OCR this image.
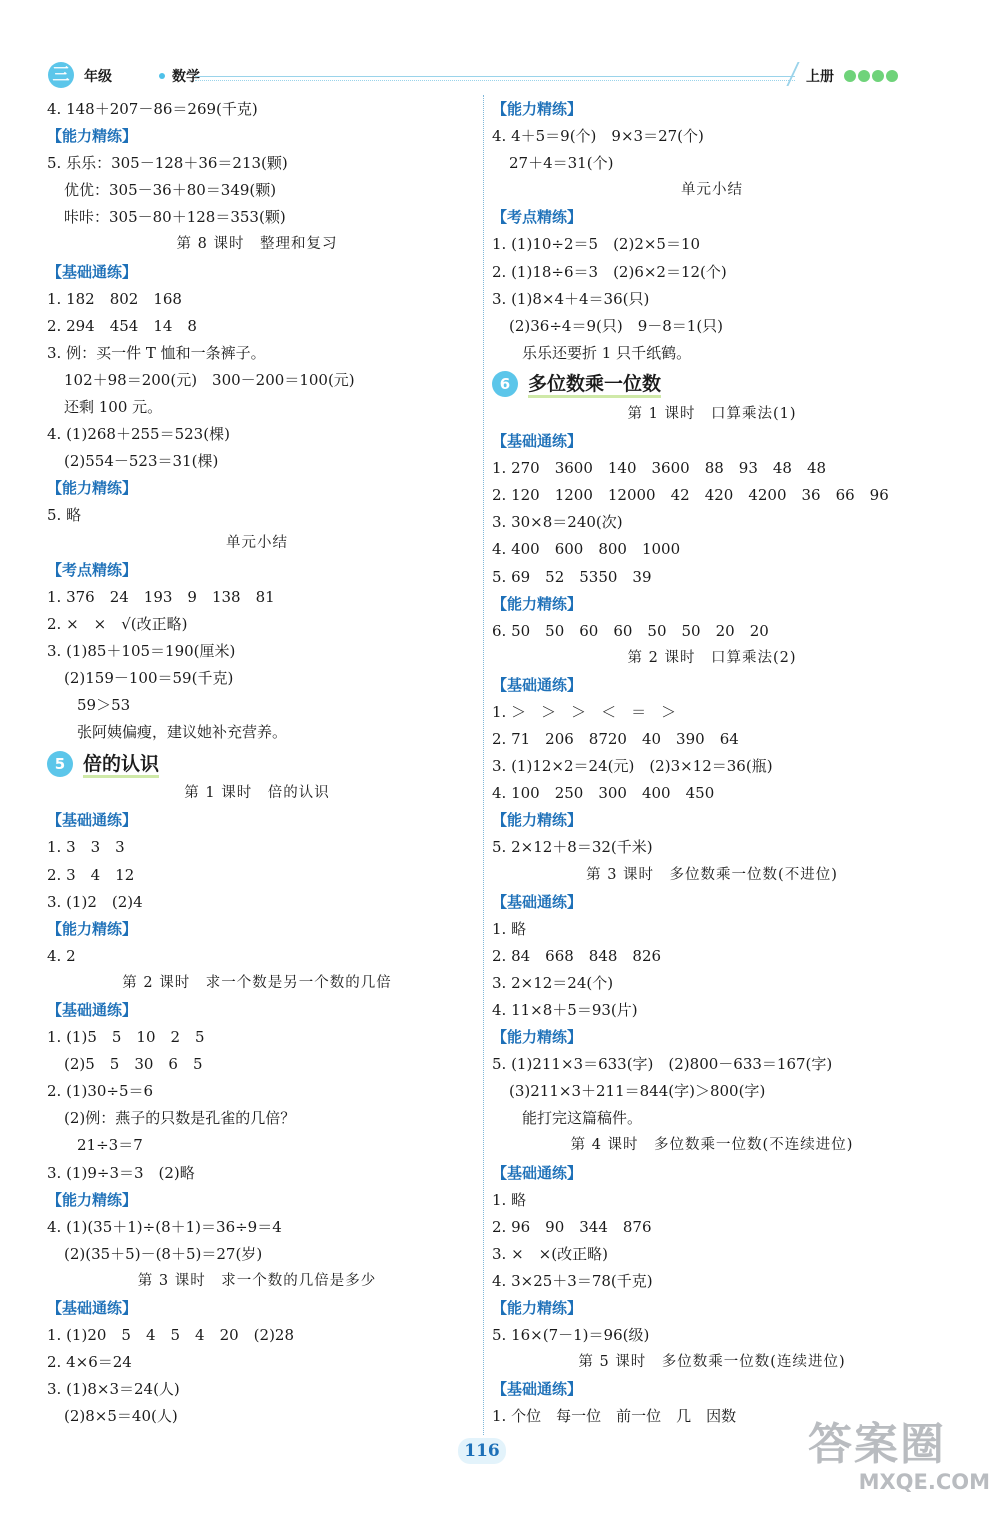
三	年级	数学	上册
4. 148＋207－86＝269(千克)
【能力精练】
5. 乐乐：305－128＋36＝213(颗)
优优：305－36＋80＝349(颗)
咔咔：305－80＋128＝353(颗)
第 8 课时　整理和复习
【基础通练】
1. 182　802　168
2. 294　454　14　8
3. 例：买一件 T 恤和一条裤子。
102＋98＝200(元)　300－200＝100(元)
还剩 100 元。
4. (1)268＋255＝523(棵)
(2)554－523＝31(棵)
【能力精练】
5. 略
单元小结
【考点精练】
1. 376　24　193　9　138　81
2. ×　×　√(改正略)
3. (1)85＋105＝190(厘米)
(2)159－100＝59(千克)
59＞53
张阿姨偏瘦，建议她补充营养。
5 倍的认识
第 1 课时　倍的认识
【基础通练】
1. 3　3　3
2. 3　4　12
3. (1)2　(2)4
【能力精练】
4. 2
第 2 课时　求一个数是另一个数的几倍
【基础通练】
1. (1)5　5　10　2　5
(2)5　5　30　6　5
2. (1)30÷5＝6
(2)例：燕子的只数是孔雀的几倍？
21÷3＝7
3. (1)9÷3＝3　(2)略
【能力精练】
4. (1)(35＋1)÷(8＋1)＝36÷9＝4
(2)(35＋5)－(8＋5)＝27(岁)
第 3 课时　求一个数的几倍是多少
【基础通练】
1. (1)20　5　4　5　4　20　(2)28
2. 4×6＝24
3. (1)8×3＝24(人)
(2)8×5＝40(人)
【能力精练】
4. 4＋5＝9(个)　9×3＝27(个)
27＋4＝31(个)
单元小结
【考点精练】
1. (1)10÷2＝5　(2)2×5＝10
2. (1)18÷6＝3　(2)6×2＝12(个)
3. (1)8×4＋4＝36(只)
(2)36÷4＝9(只)　9－8＝1(只)
乐乐还要折 1 只千纸鹤。
6 多位数乘一位数
第 1 课时　口算乘法(1)
【基础通练】
1. 270　3600　140　3600　88　93　48　48
2. 120　1200　12000　42　420　4200　36　66　96
3. 30×8＝240(次)
4. 400　600　800　1000
5. 69　52　5350　39
【能力精练】
6. 50　50　60　60　50　50　20　20
第 2 课时　口算乘法(2)
【基础通练】
1. ＞　＞　＞　＜　＝　＞
2. 71　206　8720　40　390　64
3. (1)12×2＝24(元)　(2)3×12＝36(瓶)
4. 100　250　300　400　450
【能力精练】
5. 2×12＋8＝32(千米)
第 3 课时　多位数乘一位数(不进位)
【基础通练】
1. 略
2. 84　668　848　826
3. 2×12＝24(个)
4. 11×8＋5＝93(片)
【能力精练】
5. (1)211×3＝633(字)　(2)800－633＝167(字)
(3)211×3＋211＝844(字)＞800(字)
能打完这篇稿件。
第 4 课时　多位数乘一位数(不连续进位)
【基础通练】
1. 略
2. 96　90　344　876
3. ×　×(改正略)
4. 3×25＋3＝78(千克)
【能力精练】
5. 16×(7－1)＝96(级)
第 5 课时　多位数乘一位数(连续进位)
【基础通练】
1. 个位　每一位　前一位　几　因数
116	答案圈
MXQE.COM
